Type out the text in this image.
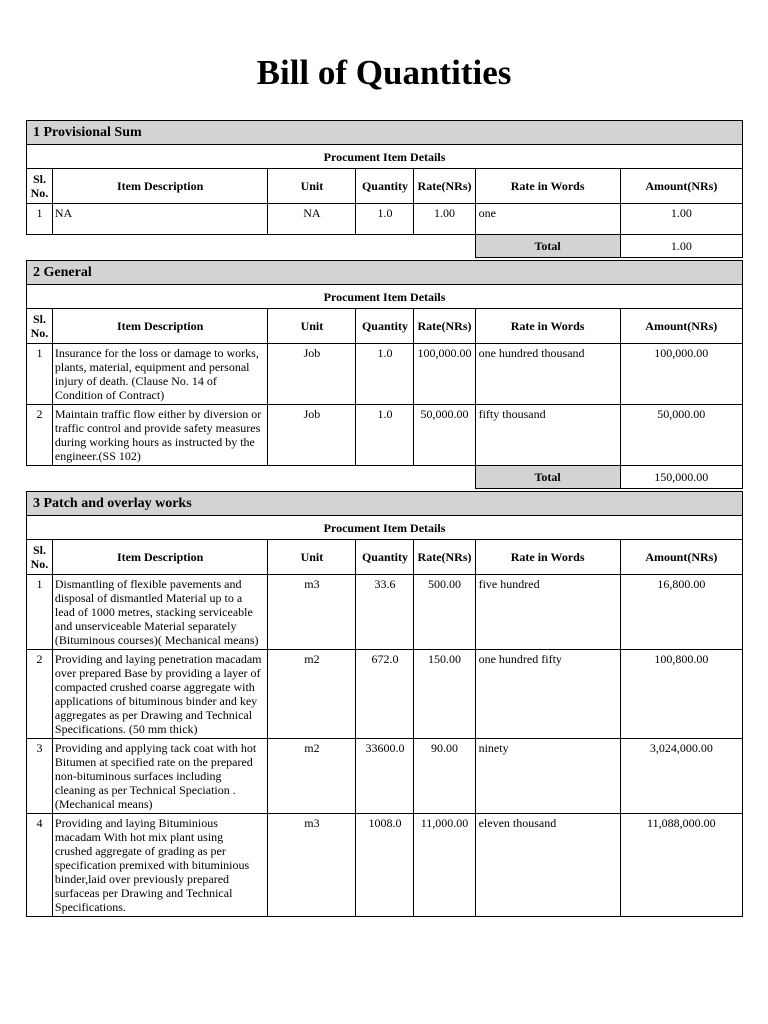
Bill of Quantities
1 Provisional Sum						
Procument Item Details						
Sl. No.	Item Description	Unit	Quantity	Rate(NRs)	Rate in Words	Amount(NRs)
1	NA	NA	1.0	1.00	one	1.00
					Total	1.00
2 General						
Procument Item Details						
Sl. No.	Item Description	Unit	Quantity	Rate(NRs)	Rate in Words	Amount(NRs)
1	Insurance for the loss or damage to works, plants, material, equipment and personal injury of death. (Clause No. 14 of Condition of Contract)	Job	1.0	100,000.00	one hundred thousand	100,000.00
2	Maintain traffic flow either by diversion or traffic control and provide safety measures during working hours as instructed by the engineer.(SS 102)	Job	1.0	50,000.00	fifty thousand	50,000.00
					Total	150,000.00
3 Patch and overlay works						
Procument Item Details						
Sl. No.	Item Description	Unit	Quantity	Rate(NRs)	Rate in Words	Amount(NRs)
1	Dismantling of flexible pavements and disposal of dismantled Material up to a lead of 1000 metres, stacking serviceable and unserviceable Material separately (Bituminous courses)( Mechanical means)	m3	33.6	500.00	five hundred	16,800.00
2	Providing and laying penetration macadam over prepared Base by providing a layer of compacted crushed coarse aggregate with applications of bituminous binder and key aggregates as per Drawing and Technical Specifications. (50 mm thick)	m2	672.0	150.00	one hundred fifty	100,800.00
3	Providing and applying tack coat with hot Bitumen at specified rate on the prepared non-bituminous surfaces including cleaning as per Technical Speciation .(Mechanical means)	m2	33600.0	90.00	ninety	3,024,000.00
4	Providing and laying Bituminious macadam With hot mix plant using crushed aggregate of grading as per specification premixed with bituminious binder,laid over previously prepared surfaceas per Drawing and Technical Specifications.	m3	1008.0	11,000.00	eleven thousand	11,088,000.00
